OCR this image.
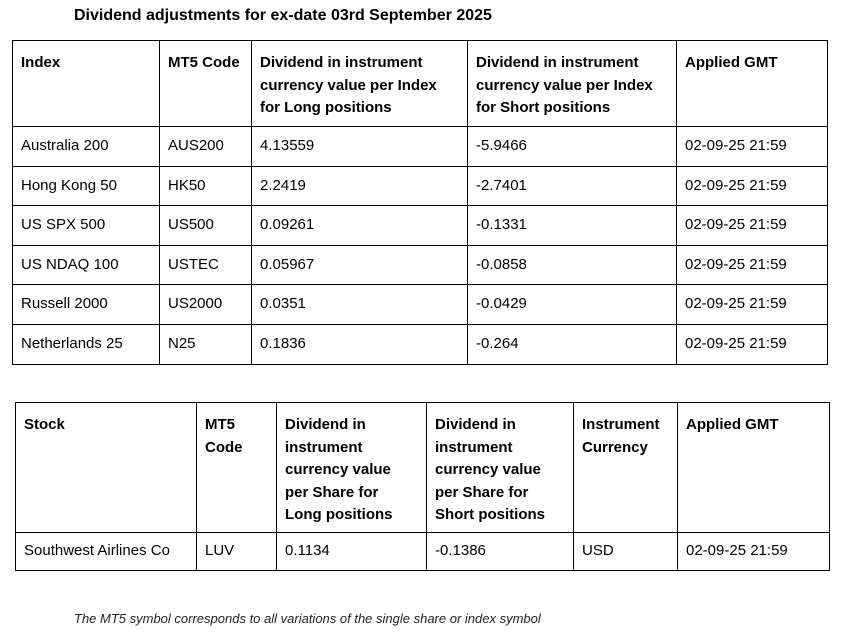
Dividend adjustments for ex-date 03rd September 2025
Index	MT5 Code	Dividend in instrument currency value per Index for Long positions	Dividend in instrument currency value per Index for Short positions	Applied GMT
Australia 200	AUS200	4.13559	-5.9466	02-09-25 21:59
Hong Kong 50	HK50	2.2419	-2.7401	02-09-25 21:59
US SPX 500	US500	0.09261	-0.1331	02-09-25 21:59
US NDAQ 100	USTEC	0.05967	-0.0858	02-09-25 21:59
Russell 2000	US2000	0.0351	-0.0429	02-09-25 21:59
Netherlands 25	N25	0.1836	-0.264	02-09-25 21:59
Stock	MT5 Code	Dividend in instrument currency value per Share for Long positions	Dividend in instrument currency value per Share for Short positions	Instrument Currency	Applied GMT
Southwest Airlines Co	LUV	0.1134	-0.1386	USD	02-09-25 21:59
The MT5 symbol corresponds to all variations of the single share or index symbol
